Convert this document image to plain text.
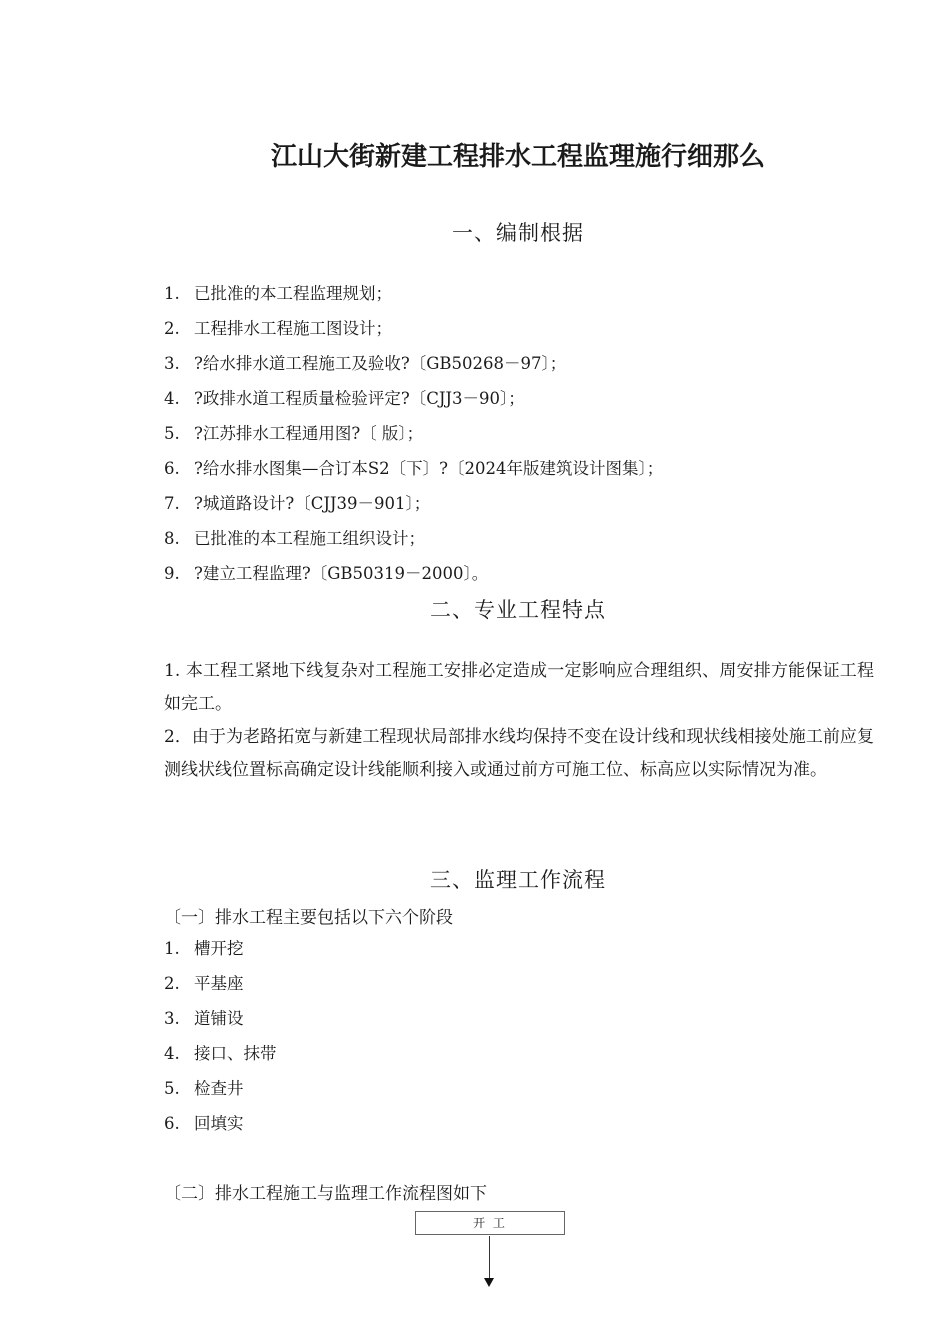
江山大街新建工程排水工程监理施行细那么
一、编制根据
1. 已批准的本工程监理规划；
2. 工程排水工程施工图设计；
3. ?给水排水道工程施工及验收?〔GB50268－97〕；
4. ?政排水道工程质量检验评定?〔CJJ3－90〕；
5. ?江苏排水工程通用图?〔 版〕；
6. ?给水排水图集—合订本S2〔下〕?〔2024年版建筑设计图集〕；
7. ?城道路设计?〔CJJ39－901〕；
8. 已批准的本工程施工组织设计；
9. ?建立工程监理?〔GB50319－2000〕。
二、专业工程特点

1. 本工程工紧地下线复杂对工程施工安排必定造成一定影响应合理组织、周安排方能保证工程如完工。

2．由于为老路拓宽与新建工程现状局部排水线均保持不变在设计线和现状线相接处施工前应复测线状线位置标高确定设计线能顺利接入或通过前方可施工位、标高应以实际情况为准。

三、监理工作流程
〔一〕排水工程主要包括以下六个阶段
1. 槽开挖
2. 平基座
3. 道铺设
4. 接口、抹带
5. 检查井
6. 回填实
〔二〕排水工程施工与监理工作流程图如下
开 工
